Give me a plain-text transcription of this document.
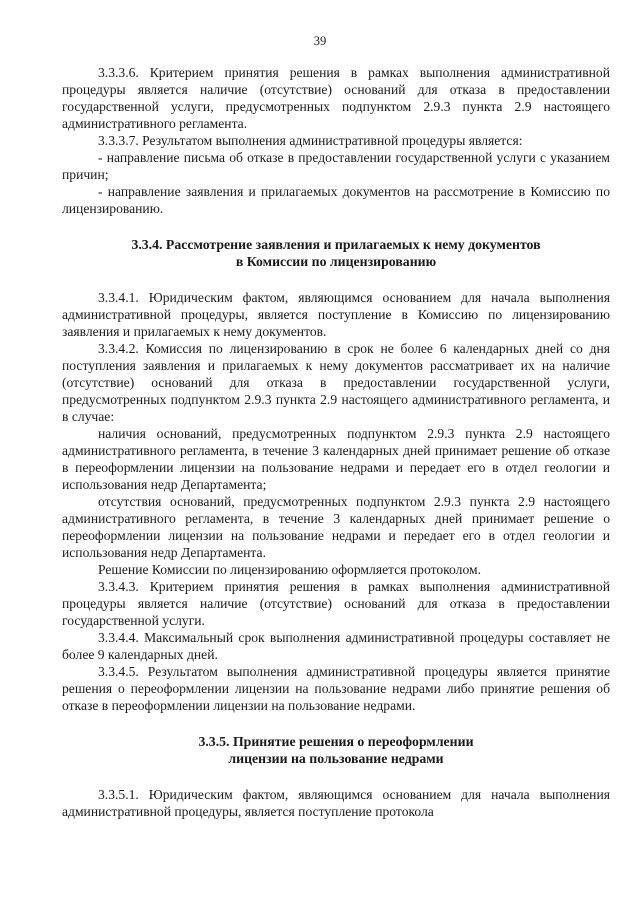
39

3.3.3.6. Критерием принятия решения в рамках выполнения административной процедуры является наличие (отсутствие) оснований для отказа в предоставлении государственной услуги, предусмотренных подпунктом 2.9.3 пункта 2.9 настоящего административного регламента.

3.3.3.7. Результатом выполнения административной процедуры является:

- направление письма об отказе в предоставлении государственной услуги с указанием причин;

- направление заявления и прилагаемых документов на рассмотрение в Комиссию по лицензированию.

3.3.4. Рассмотрение заявления и прилагаемых к нему документов
в Комиссии по лицензированию

3.3.4.1. Юридическим фактом, являющимся основанием для начала выполнения административной процедуры, является поступление в Комиссию по лицензированию заявления и прилагаемых к нему документов.

3.3.4.2. Комиссия по лицензированию в срок не более 6 календарных дней со дня поступления заявления и прилагаемых к нему документов рассматривает их на наличие (отсутствие) оснований для отказа в предоставлении государственной услуги, предусмотренных подпунктом 2.9.3 пункта 2.9 настоящего административного регламента, и в случае:

наличия оснований, предусмотренных подпунктом 2.9.3 пункта 2.9 настоящего административного регламента, в течение 3 календарных дней принимает решение об отказе в переоформлении лицензии на пользование недрами и передает его в отдел геологии и использования недр Департамента;

отсутствия оснований, предусмотренных подпунктом 2.9.3 пункта 2.9 настоящего административного регламента, в течение 3 календарных дней принимает решение о переоформлении лицензии на пользование недрами и передает его в отдел геологии и использования недр Департамента.

Решение Комиссии по лицензированию оформляется протоколом.

3.3.4.3. Критерием принятия решения в рамках выполнения административной процедуры является наличие (отсутствие) оснований для отказа в предоставлении государственной услуги.

3.3.4.4. Максимальный срок выполнения административной процедуры составляет не более 9 календарных дней.

3.3.4.5. Результатом выполнения административной процедуры является принятие решения о переоформлении лицензии на пользование недрами либо принятие решения об отказе в переоформлении лицензии на пользование недрами.

3.3.5. Принятие решения о переоформлении
лицензии на пользование недрами

3.3.5.1. Юридическим фактом, являющимся основанием для начала выполнения административной процедуры, является поступление протокола
